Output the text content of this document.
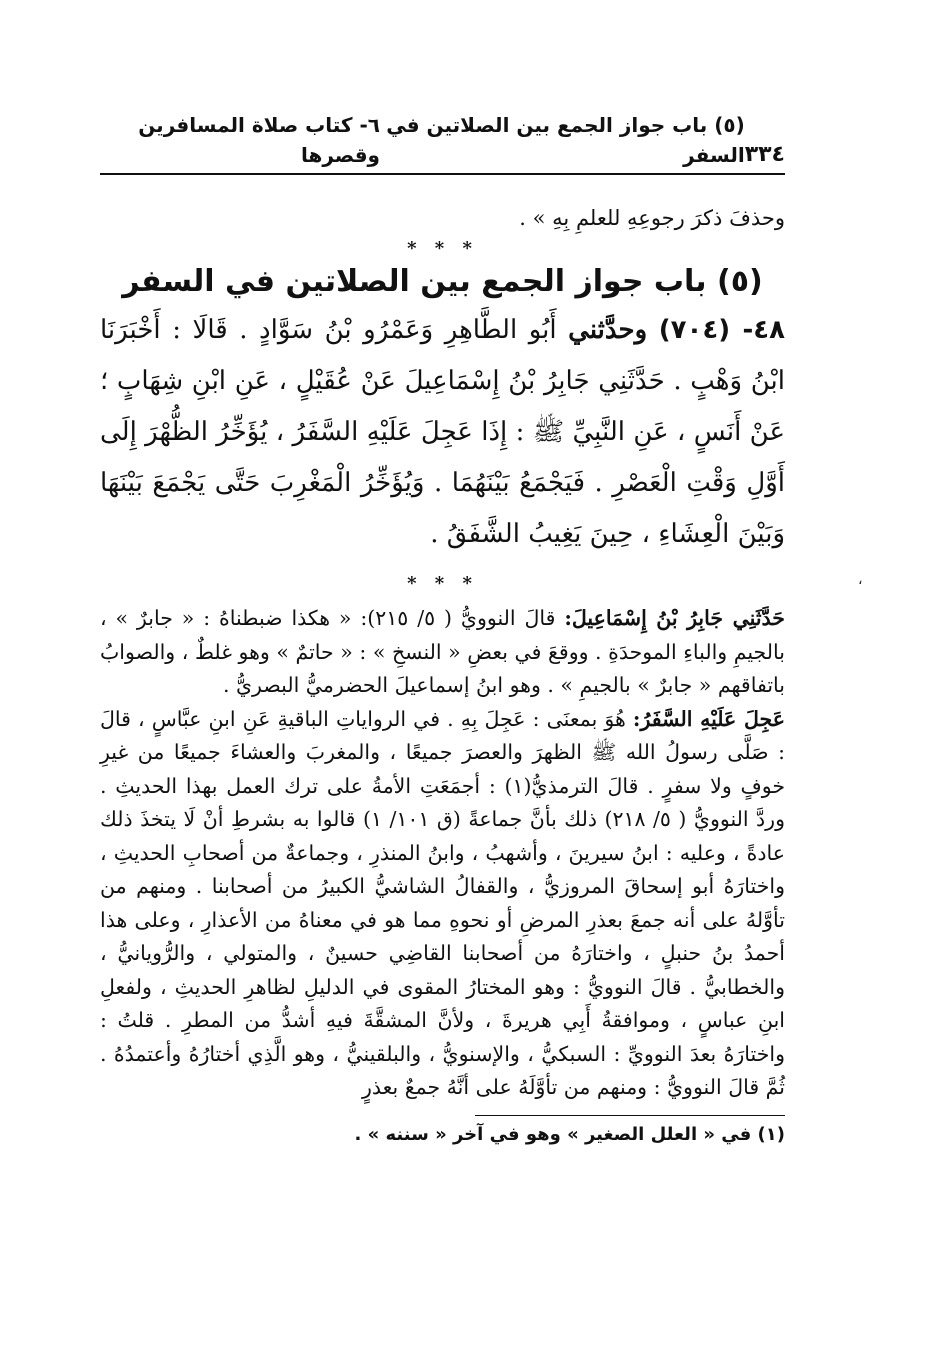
٣٣٤
(٥) باب جواز الجمع بين الصلاتين في السفر
٦- كتاب صلاة المسافرين وقصرها
وحذفَ ذكرَ رجوعِهِ للعلمِ بِهِ » .
* * *
(٥) باب جواز الجمع بين الصلاتين في السفر

٤٨- (٧٠٤) وحدَّثني أَبُو الطَّاهِرِ وَعَمْرُو بْنُ سَوَّادٍ . قَالَا : أَخْبَرَنَا ابْنُ وَهْبٍ . حَدَّثَنِي جَابِرُ بْنُ إِسْمَاعِيلَ عَنْ عُقَيْلٍ ، عَنِ ابْنِ شِهَابٍ ؛ عَنْ أَنَسٍ ، عَنِ النَّبِيِّ ﷺ : إِذَا عَجِلَ عَلَيْهِ السَّفَرُ ، يُؤَخِّرُ الظُّهْرَ إِلَى أَوَّلِ وَقْتِ الْعَصْرِ . فَيَجْمَعُ بَيْنَهُمَا . وَيُؤَخِّرُ الْمَغْرِبَ حَتَّى يَجْمَعَ بَيْنَهَا وَبَيْنَ الْعِشَاءِ ، حِينَ يَغِيبُ الشَّفَقُ .

* * *

حَدَّثَنِي جَابِرُ بْنُ إِسْمَاعِيلَ: قالَ النوويُّ ( ٥/ ٢١٥): « هكذا ضبطناهُ : « جابرٌ » ، بالجيمِ والباءِ الموحدَةِ . ووقعَ في بعضِ « النسخِ » : « حاتمٌ » وهو غلطٌ ، والصوابُ باتفاقهم « جابرٌ » بالجيمِ » . وهو ابنُ إسماعيلَ الحضرميُّ البصريُّ .

عَجِلَ عَلَيْهِ السَّفَرُ: هُوَ بمعنَى : عَجِلَ بِهِ . في الرواياتِ الباقيةِ عَنِ ابنِ عبَّاسٍ ، قالَ : صَلَّى رسولُ الله ﷺ الظهرَ والعصرَ جميعًا ، والمغربَ والعشاءَ جميعًا من غيرِ خوفٍ ولا سفرٍ . قالَ الترمذيُّ(١) : أجمَعَتِ الأمةُ على ترك العمل بهذا الحديثِ . وردَّ النوويُّ ( ٥/ ٢١٨) ذلك بأنَّ جماعةً (ق ١٠١/ ١) قالوا به بشرطِ أنْ لَا يتخذَ ذلك عادةً ، وعليه : ابنُ سيرينَ ، وأشهبُ ، وابنُ المنذرِ ، وجماعةٌ من أصحابِ الحديثِ ، واختارَهُ أبو إسحاقَ المروزيُّ ، والقفالُ الشاشيُّ الكبيرُ من أصحابنا . ومنهم من تأوَّلهُ على أنه جمعَ بعذرِ المرضِ أو نحوهِ مما هو في معناهُ من الأعذارِ ، وعلى هذا أحمدُ بنُ حنبلٍ ، واختارَهُ من أصحابنا القاضِي حسينٌ ، والمتولي ، والرُّويانيُّ ، والخطابيُّ . قالَ النوويُّ : وهو المختارُ المقوى في الدليلِ لظاهرِ الحديثِ ، ولفعلِ ابنِ عباسٍ ، وموافقةُ أَبِي هريرةَ ، ولأنَّ المشقَّةَ فيهِ أشدُّ من المطرِ . قلتُ : واختارَهُ بعدَ النوويِّ : السبكيُّ ، والإسنويُّ ، والبلقينيُّ ، وهو الَّذِي أختارُهُ وأعتمدُهُ . ثُمَّ قالَ النوويُّ : ومنهم من تأوَّلَهُ على أنَّهُ جمعٌ بعذرٍ

(١) في « العلل الصغير » وهو في آخر « سننه » .
،
